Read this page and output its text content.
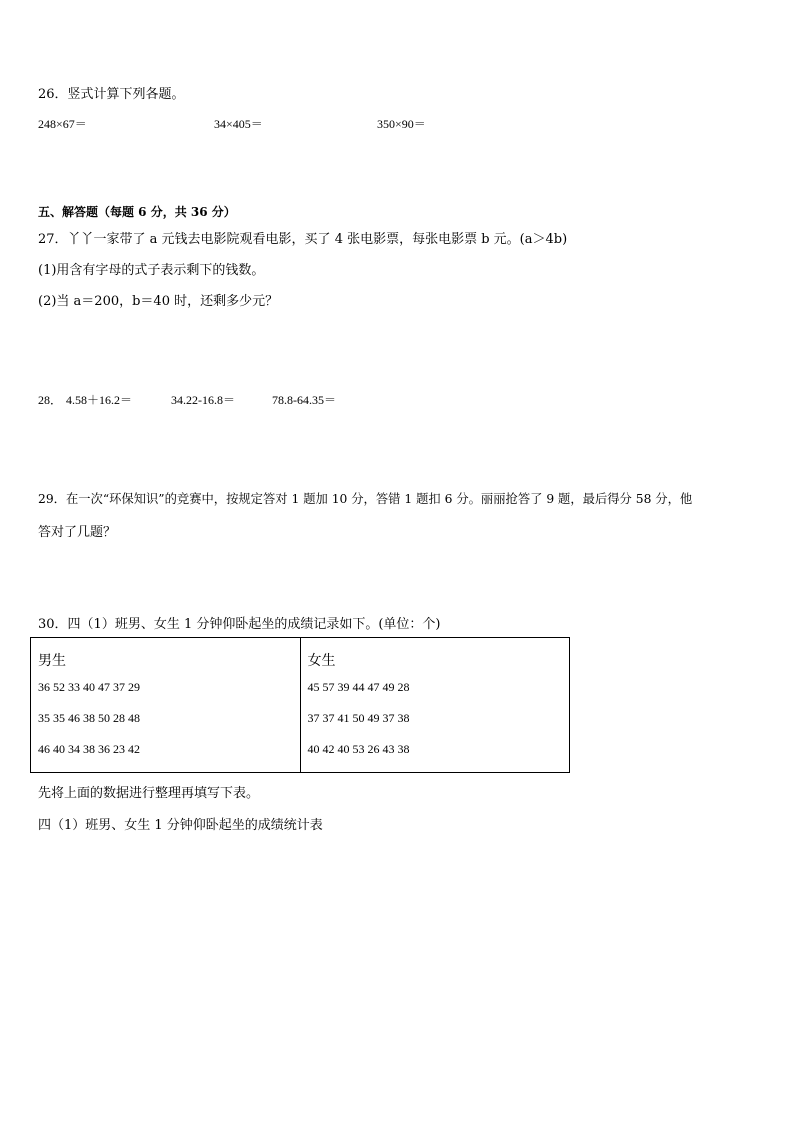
26．竖式计算下列各题。
248×67＝	34×405＝	350×90＝
五、解答题（每题 6 分，共 36 分）
27．丫丫一家带了 a 元钱去电影院观看电影，买了 4 张电影票，每张电影票 b 元。(a＞4b)
(1)用含有字母的式子表示剩下的钱数。
(2)当 a＝200，b＝40 时，还剩多少元？
28． 4.58＋16.2＝	34.22-16.8＝	78.8-64.35＝
29．在一次“环保知识”的竞赛中，按规定答对 1 题加 10 分，答错 1 题扣 6 分。丽丽抢答了 9 题，最后得分 58 分，他
答对了几题？
30．四（1）班男、女生 1 分钟仰卧起坐的成绩记录如下。(单位：个)
男生
36 52 33 40 47 37 29
35 35 46 38 50 28 48
46 40 34 38 36 23 42

女生
45 57 39 44 47 49 28
37 37 41 50 49 37 38
40 42 40 53 26 43 38
先将上面的数据进行整理再填写下表。
四（1）班男、女生 1 分钟仰卧起坐的成绩统计表
